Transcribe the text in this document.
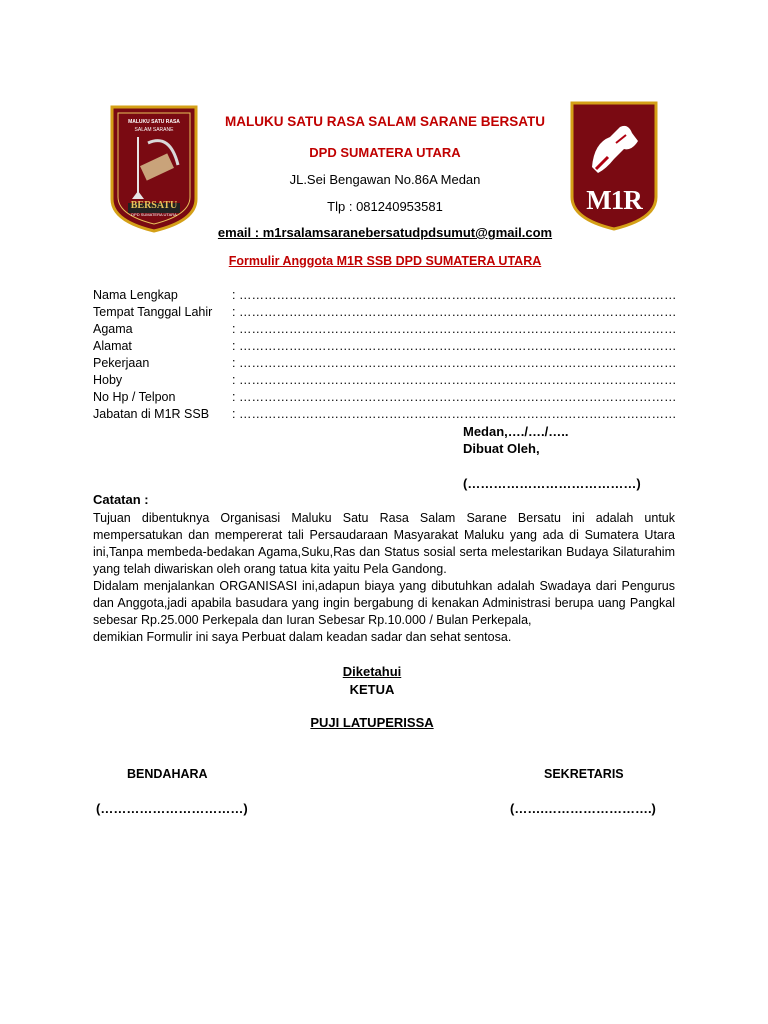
MALUKU SATU RASA
SALAM SARANE
BERSATU
DPD SUMATERA UTARA	M1R
MALUKU SATU RASA SALAM SARANE BERSATU
DPD SUMATERA UTARA
JL.Sei Bengawan No.86A Medan
Tlp : 081240953581
email : m1rsalamsaranebersatudpdsumut@gmail.com
Formulir Anggota M1R SSB DPD SUMATERA UTARA
Nama Lengkap	: ……………………………………………………………………………………………
Tempat Tanggal Lahir : ……………………………………………………………………………………………
Agama	: ……………………………………………………………………………………………
Alamat	: ……………………………………………………………………………………………
Pekerjaan	: ……………………………………………………………………………………………
Hoby	: ……………………………………………………………………………………………
No Hp / Telpon	: ……………………………………………………………………………………………
Jabatan di M1R SSB : ……………………………………………………………………………………………
Medan,…./…./…..
Dibuat Oleh,
(…………………………………)
Catatan :

Tujuan dibentuknya Organisasi Maluku Satu Rasa Salam Sarane Bersatu ini adalah untuk mempersatukan dan mempererat tali Persaudaraan Masyarakat Maluku yang ada di Sumatera Utara ini,Tanpa membeda-bedakan Agama,Suku,Ras dan Status sosial serta melestarikan Budaya Silaturahim yang telah diwariskan oleh orang tatua kita yaitu Pela Gandong.

Didalam menjalankan ORGANISASI ini,adapun biaya yang dibutuhkan adalah Swadaya dari Pengurus dan Anggota,jadi apabila basudara yang ingin bergabung di kenakan Administrasi berupa uang Pangkal sebesar Rp.25.000 Perkepala dan Iuran Sebesar Rp.10.000 / Bulan Perkepala,

demikian Formulir ini saya Perbuat dalam keadan sadar dan sehat sentosa.

Diketahui
KETUA
PUJI LATUPERISSA
BENDAHARA
(……………………………)
SEKRETARIS
(…….…………………….)
